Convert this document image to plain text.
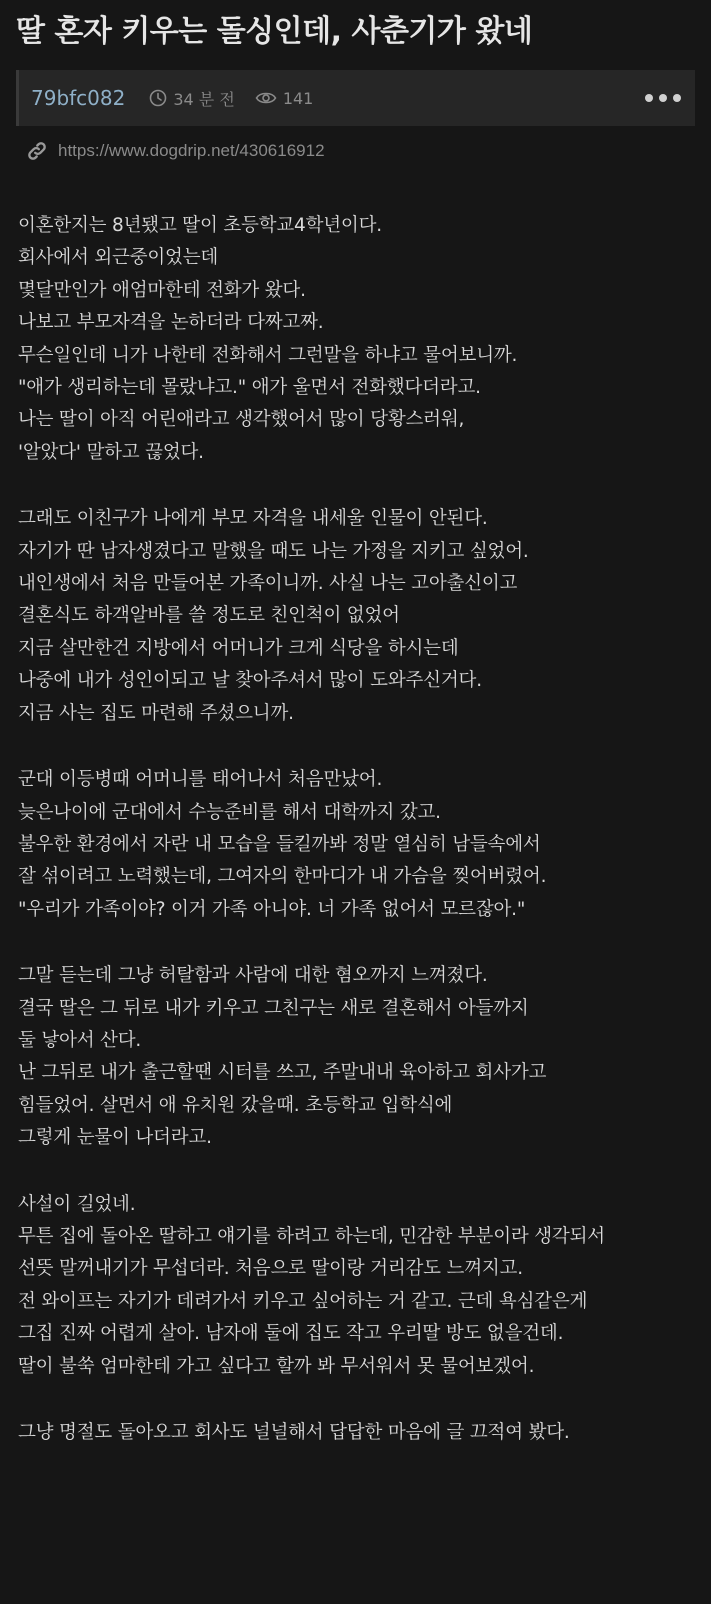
딸 혼자 키우는 돌싱인데, 사춘기가 왔네
79bfc082	34 분 전	141
https://www.dogdrip.net/430616912
이혼한지는 8년됐고 딸이 초등학교4학년이다.
회사에서 외근중이었는데
몇달만인가 애엄마한테 전화가 왔다.
나보고 부모자격을 논하더라 다짜고짜.
무슨일인데 니가 나한테 전화해서 그런말을 하냐고 물어보니까.
"애가 생리하는데 몰랐냐고." 애가 울면서 전화했다더라고.
나는 딸이 아직 어린애라고 생각했어서 많이 당황스러워,
'알았다' 말하고 끊었다.
그래도 이친구가 나에게 부모 자격을 내세울 인물이 안된다.
자기가 딴 남자생겼다고 말했을 때도 나는 가정을 지키고 싶었어.
내인생에서 처음 만들어본 가족이니까. 사실 나는 고아출신이고
결혼식도 하객알바를 쓸 정도로 친인척이 없었어
지금 살만한건 지방에서 어머니가 크게 식당을 하시는데
나중에 내가 성인이되고 날 찾아주셔서 많이 도와주신거다.
지금 사는 집도 마련해 주셨으니까.
군대 이등병때 어머니를 태어나서 처음만났어.
늦은나이에 군대에서 수능준비를 해서 대학까지 갔고.
불우한 환경에서 자란 내 모습을 들킬까봐 정말 열심히 남들속에서
잘 섞이려고 노력했는데, 그여자의 한마디가 내 가슴을 찢어버렸어.
"우리가 가족이야? 이거 가족 아니야. 너 가족 없어서 모르잖아."
그말 듣는데 그냥 허탈함과 사람에 대한 혐오까지 느껴졌다.
결국 딸은 그 뒤로 내가 키우고 그친구는 새로 결혼해서 아들까지
둘 낳아서 산다.
난 그뒤로 내가 출근할땐 시터를 쓰고, 주말내내 육아하고 회사가고
힘들었어. 살면서 애 유치원 갔을때. 초등학교 입학식에
그렇게 눈물이 나더라고.
사설이 길었네.
무튼 집에 돌아온 딸하고 얘기를 하려고 하는데, 민감한 부분이라 생각되서
선뜻 말꺼내기가 무섭더라. 처음으로 딸이랑 거리감도 느껴지고.
전 와이프는 자기가 데려가서 키우고 싶어하는 거 같고. 근데 욕심같은게
그집 진짜 어렵게 살아. 남자애 둘에 집도 작고 우리딸 방도 없을건데.
딸이 불쑥 엄마한테 가고 싶다고 할까 봐 무서워서 못 물어보겠어.
그냥 명절도 돌아오고 회사도 널널해서 답답한 마음에 글 끄적여 봤다.
